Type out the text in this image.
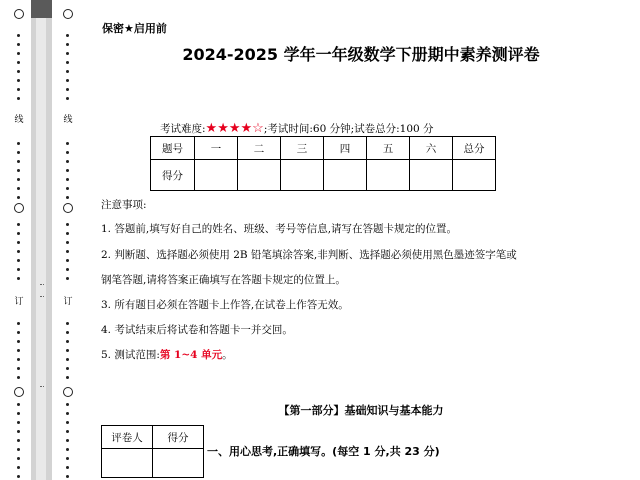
线
订
线
订
保密★启用前
2024-2025 学年一年级数学下册期中素养测评卷
考试难度:★★★★☆;考试时间:60 分钟;试卷总分:100 分
题号	一	二	三	四	五	六	总分
得分							
注意事项:
1. 答题前,填写好自己的姓名、班级、考号等信息,请写在答题卡规定的位置。
2. 判断题、选择题必须使用 2B 铅笔填涂答案,非判断、选择题必须使用黑色墨迹签字笔或
钢笔答题,请将答案正确填写在答题卡规定的位置上。
3. 所有题目必须在答题卡上作答,在试卷上作答无效。
4. 考试结束后将试卷和答题卡一并交回。
5. 测试范围:第 1~4 单元。
【第一部分】基础知识与基本能力
评卷人	得分

一、用心思考,正确填写。(每空 1 分,共 23 分)
